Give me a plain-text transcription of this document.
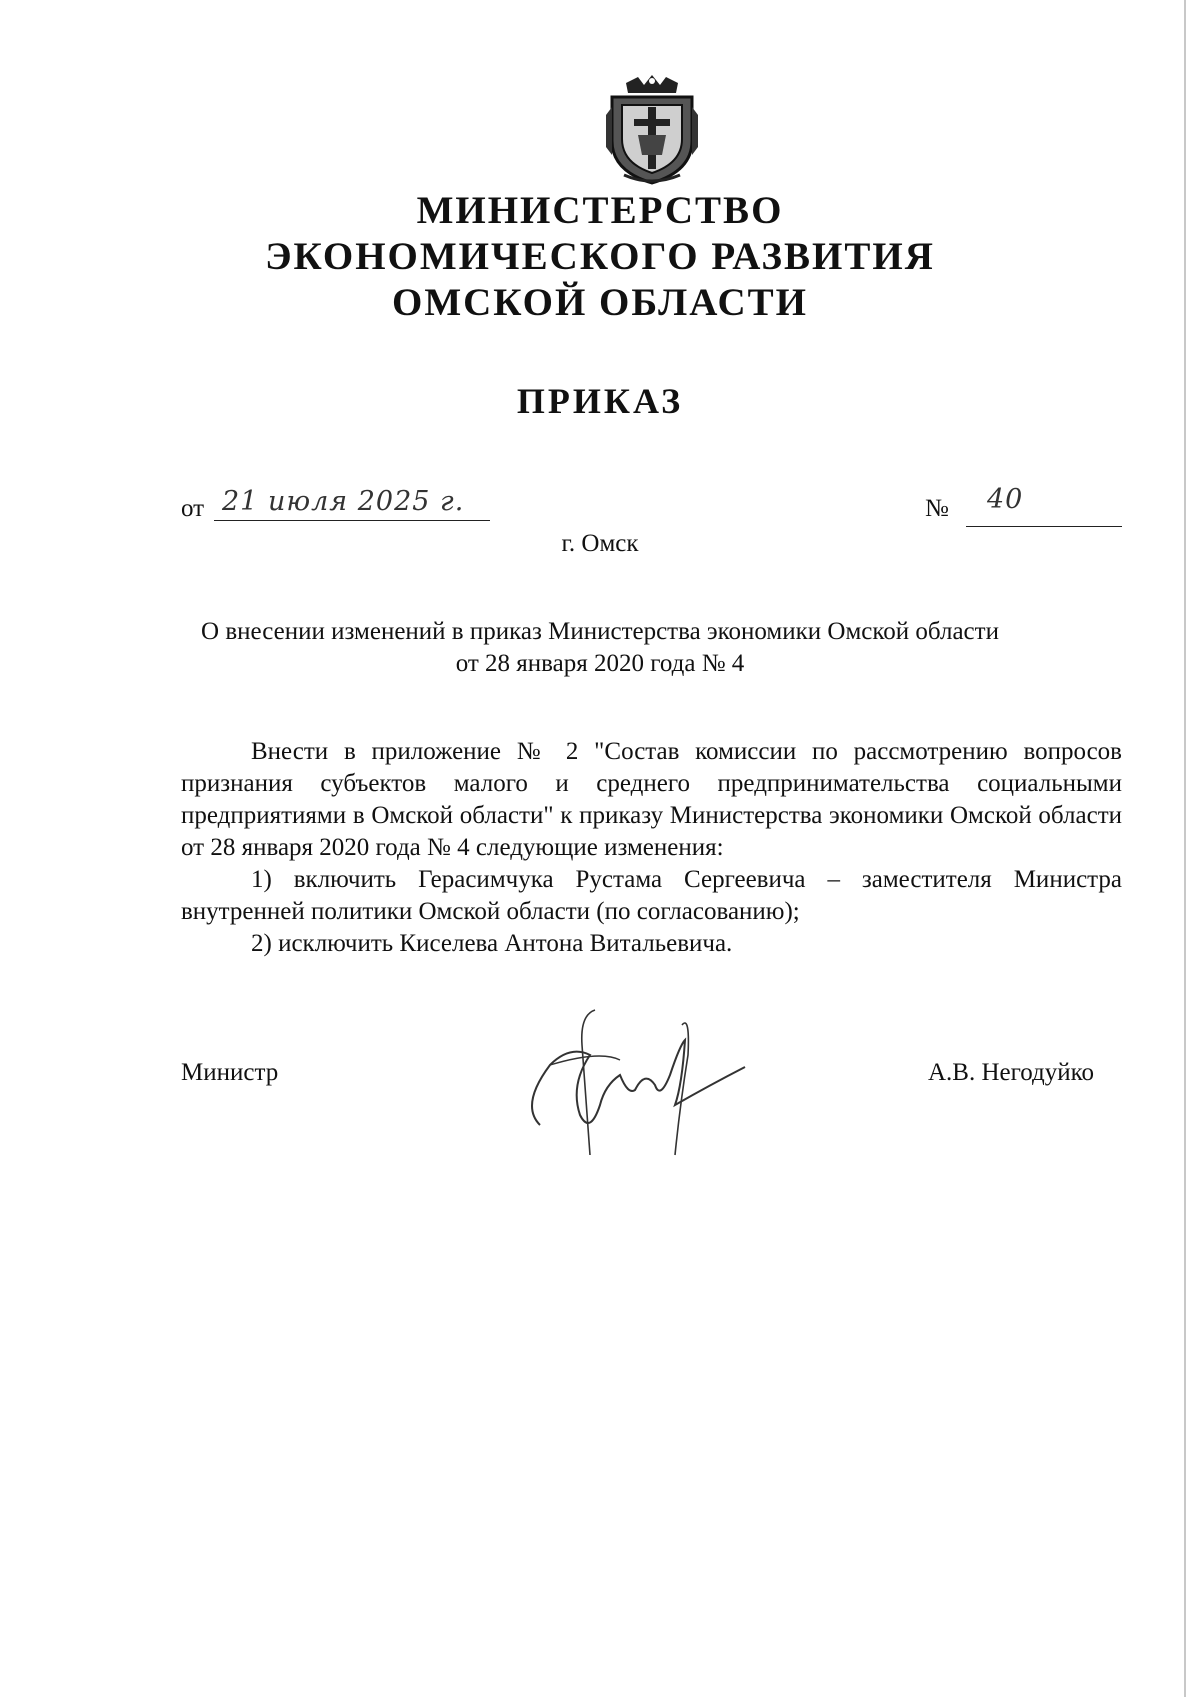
МИНИСТЕРСТВО
ЭКОНОМИЧЕСКОГО РАЗВИТИЯ
ОМСКОЙ ОБЛАСТИ
ПРИКАЗ
от 21 июля 2025 г.	№ 40
г. Омск
О внесении изменений в приказ Министерства экономики Омской области
от 28 января 2020 года № 4

Внести в приложение № 2 "Состав комиссии по рассмотрению вопросов признания субъектов малого и среднего предпринимательства социальными предприятиями в Омской области" к приказу Министерства экономики Омской области от 28 января 2020 года № 4 следующие изменения:

1) включить Герасимчука Рустама Сергеевича – заместителя Министра внутренней политики Омской области (по согласованию);

2) исключить Киселева Антона Витальевича.

Министр	А.В. Негодуйко
